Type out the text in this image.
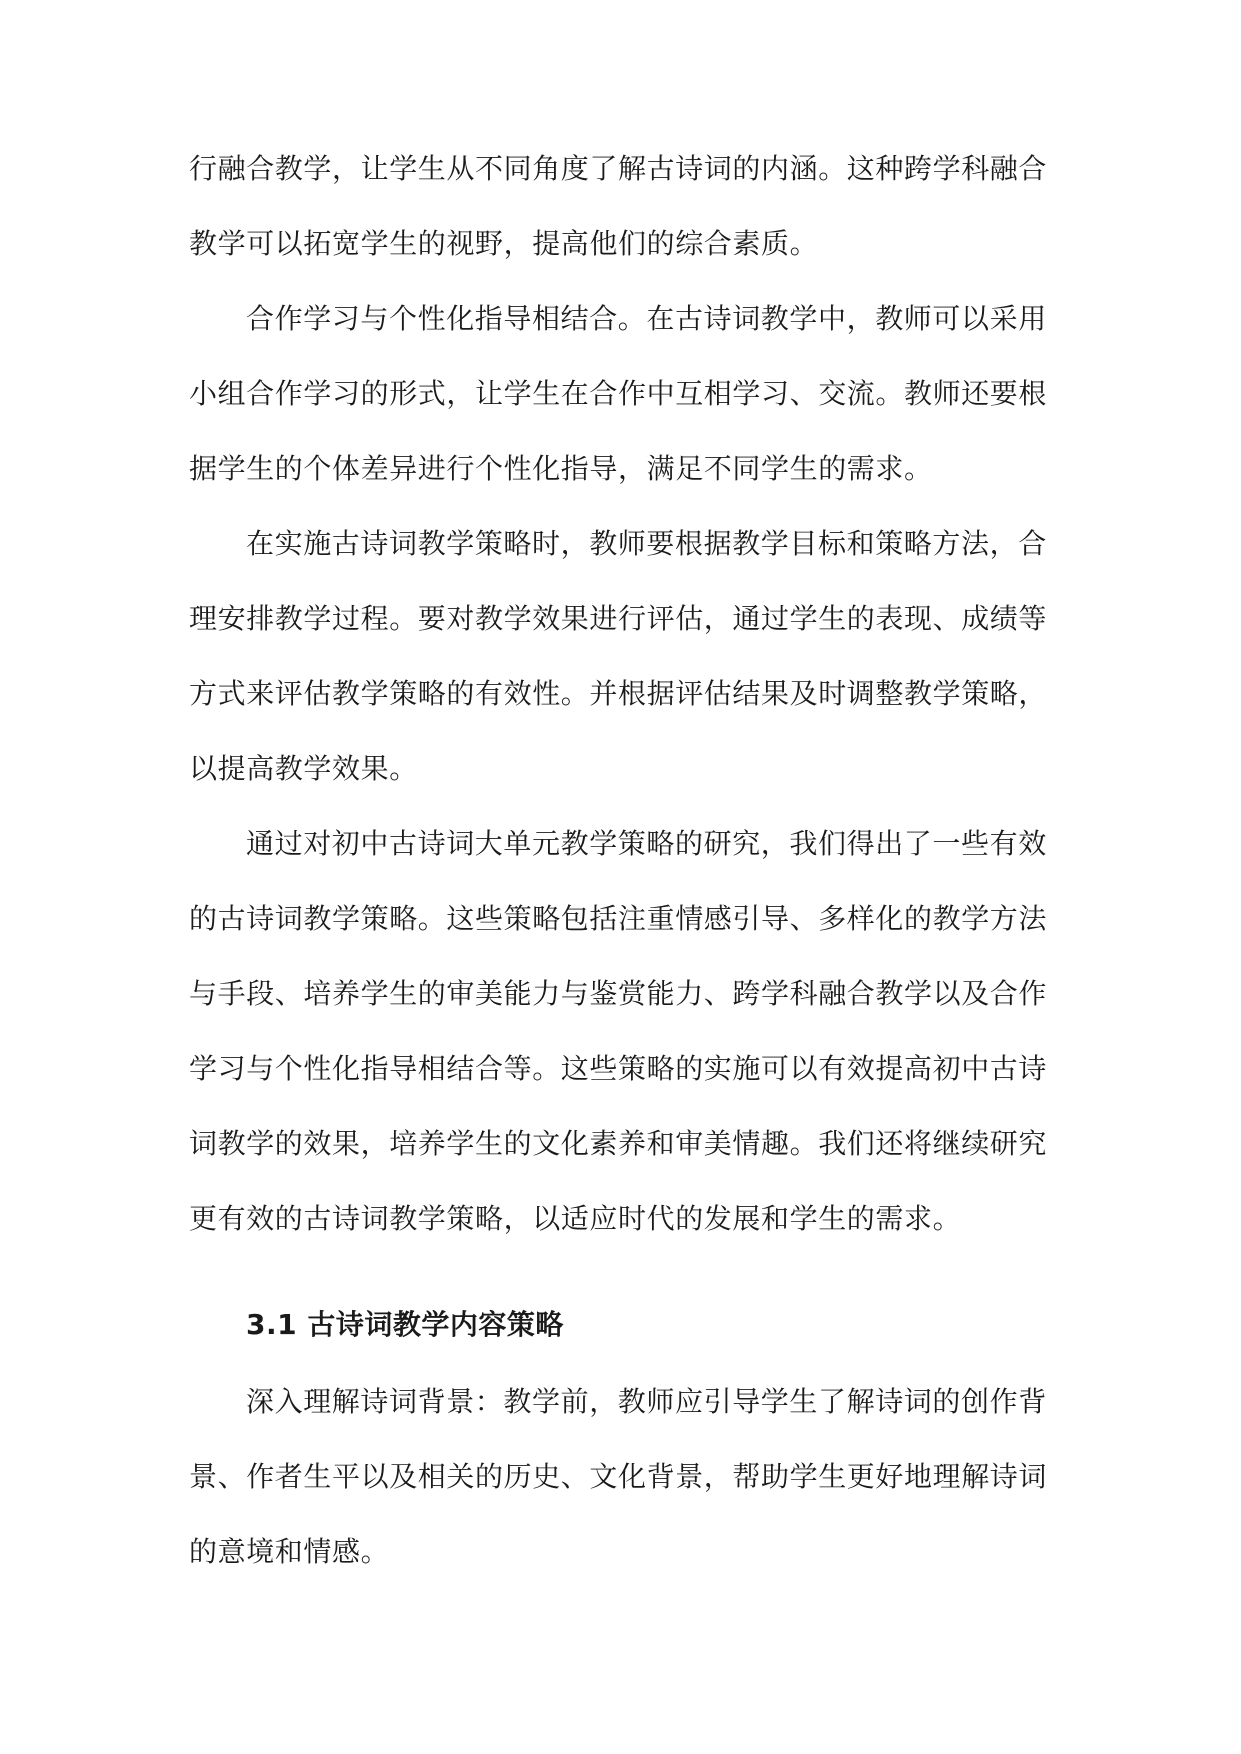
行融合教学，让学生从不同角度了解古诗词的内涵。这种跨学科融合
教学可以拓宽学生的视野，提高他们的综合素质。
合作学习与个性化指导相结合。在古诗词教学中，教师可以采用
小组合作学习的形式，让学生在合作中互相学习、交流。教师还要根
据学生的个体差异进行个性化指导，满足不同学生的需求。
在实施古诗词教学策略时，教师要根据教学目标和策略方法，合
理安排教学过程。要对教学效果进行评估，通过学生的表现、成绩等
方式来评估教学策略的有效性。并根据评估结果及时调整教学策略，
以提高教学效果。
通过对初中古诗词大单元教学策略的研究，我们得出了一些有效
的古诗词教学策略。这些策略包括注重情感引导、多样化的教学方法
与手段、培养学生的审美能力与鉴赏能力、跨学科融合教学以及合作
学习与个性化指导相结合等。这些策略的实施可以有效提高初中古诗
词教学的效果，培养学生的文化素养和审美情趣。我们还将继续研究
更有效的古诗词教学策略，以适应时代的发展和学生的需求。
3.1 古诗词教学内容策略
深入理解诗词背景：教学前，教师应引导学生了解诗词的创作背
景、作者生平以及相关的历史、文化背景，帮助学生更好地理解诗词
的意境和情感。
